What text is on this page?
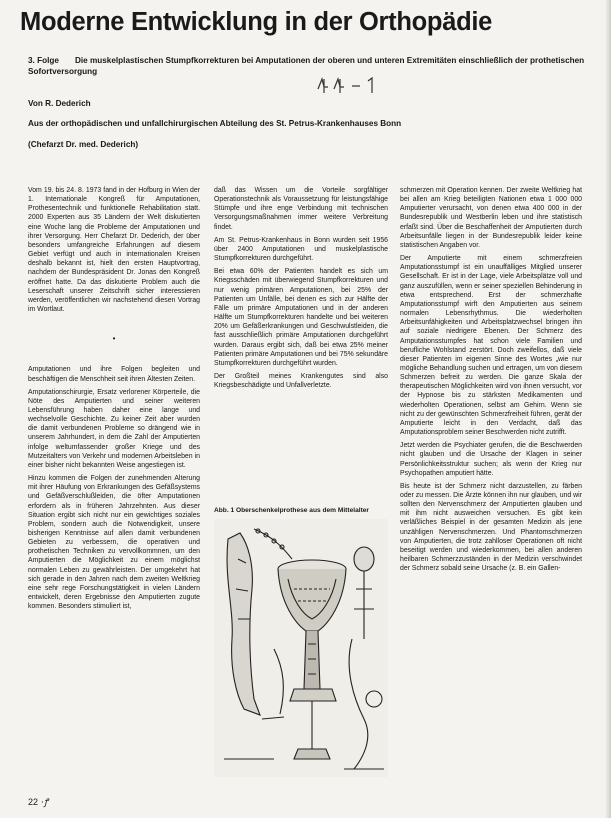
Moderne Entwicklung in der Orthopädie
3. Folge Die muskelplastischen Stumpfkorrekturen bei Amputationen der oberen und unteren Extremitäten einschließlich der prothetischen Sofortversorgung
Von R. Dederich
Aus der orthopädischen und unfallchirurgischen Abteilung des St. Petrus-Krankenhauses Bonn
(Chefarzt Dr. med. Dederich)

Vom 19. bis 24. 8. 1973 fand in der Hofburg in Wien der 1. Internationale Kongreß für Amputationen, Prothesentechnik und funktionelle Rehabilitation statt. 2000 Experten aus 35 Ländern der Welt diskutierten eine Woche lang die Probleme der Amputationen und ihrer Versorgung. Herr Chefarzt Dr. Dederich, der über besonders umfangreiche Erfahrungen auf diesem Gebiet verfügt und auch in internationalen Kreisen deshalb bekannt ist, hielt den ersten Hauptvortrag, nachdem der Bundespräsident Dr. Jonas den Kongreß eröffnet hatte. Da das diskutierte Problem auch die Leserschaft unserer Zeitschrift sicher interessieren werden, veröffentlichen wir nachstehend diesen Vortrag im Wortlaut.

•

Amputationen und ihre Folgen begleiten und beschäftigen die Menschheit seit ihren Ältesten Zeiten.

Amputationschirurgie, Ersatz verlorener Körperteile, die Nöte des Amputierten und seiner weiteren Lebensführung haben daher eine lange und wechselvolle Geschichte. Zu keiner Zeit aber wurden die damit verbundenen Probleme so drängend wie in unserem Jahrhundert, in dem die Zahl der Amputierten infolge weltumfassender großer Kriege und des Mutzeitalters von Verkehr und modernen Arbeitsleben in einer bisher nicht bekannten Weise angestiegen ist.

Hinzu kommen die Folgen der zunehmenden Alterung mit ihrer Häufung von Erkrankungen des Gefäßsystems und Gefäßverschlußleiden, die öfter Amputationen erfordern als in früheren Jahrzehnten. Aus dieser Situation ergibt sich nicht nur ein gewichtiges soziales Problem, sondern auch die Notwendigkeit, unsere bisherigen Kenntnisse auf allen damit verbundenen Gebieten zu verbessern, die operativen und prothetischen Techniken zu vervollkommnen, um den Amputierten die Möglichkeit zu einem möglichst normalen Leben zu gewährleisten. Der umgekehrt hat sich gerade in den Jahren nach dem zweiten Weltkrieg eine sehr rege Forschungstätigkeit in vielen Ländern entwickelt, deren Ergebnisse den Amputierten zugute kommen. Besonders stimuliert ist,

daß das Wissen um die Vorteile sorgfältiger Operationstechnik als Voraussetzung für leistungsfähige Stümpfe und ihre enge Verbindung mit technischen Versorgungsmaßnahmen immer weitere Verbreitung findet.

Am St. Petrus-Krankenhaus in Bonn wurden seit 1956 über 2400 Amputationen und muskelplastische Stumpfkorrekturen durchgeführt.

Bei etwa 60% der Patienten handelt es sich um Kriegsschäden mit überwiegend Stumpfkorrekturen und nur wenig primären Amputationen, bei 25% der Patienten um Unfälle, bei denen es sich zur Hälfte der Fälle um primäre Amputationen und in der anderen Hälfte um Stumpfkorrekturen handelte und bei weiteren 20% um Gefäßerkrankungen und Geschwulstleiden, die fast ausschließlich primäre Amputationen durchgeführt wurden. Daraus ergibt sich, daß bei etwa 25% meiner Patienten primäre Amputationen und bei 75% sekundäre Stumpfkorrekturen durchgeführt wurden.

Der Großteil meines Krankengutes sind also Kriegsbeschädigte und Unfallverletzte.

Abb. 1 Oberschenkelprothese aus dem Mittelalter

schmerzen mit Operation kennen. Der zweite Weltkrieg hat bei allen am Krieg beteiligten Nationen etwa 1 000 000 Amputierter verursacht, von denen etwa 400 000 in der Bundesrepublik und Westberlin leben und ihre statistisch erfaßt sind. Über die Beschaffenheit der Amputierten durch Arbeitsunfälle liegen in der Bundesrepublik leider keine statistischen Angaben vor.

Der Amputierte mit einem schmerzfreien Amputationsstumpf ist ein unauffälliges Mitglied unserer Gesellschaft. Er ist in der Lage, viele Arbeitsplätze voll und ganz auszufüllen, wenn er seiner speziellen Behinderung in etwa entsprechend. Erst der schmerzhafte Amputationsstumpf wirft den Amputierten aus seinem normalen Lebensrhythmus. Die wiederholten Arbeitsunfähigkeiten und Arbeitsplatzwechsel bringen ihn auf soziale niedrigere Ebenen. Der Schmerz des Amputationsstumpfes hat schon viele Familien und berufliche Wohlstand zerstört. Doch zweifellos, daß viele dieser Patienten im eigenen Sinne des Wortes „wie nur mögliche Behandlung suchen und ertragen, um von diesem Schmerzen befreit zu werden. Die ganze Skala der therapeutischen Möglichkeiten wird von ihnen versucht, vor der Hypnose bis zu stärksten Medikamenten und wiederholten Operationen, selbst am Gehirn. Wenn sie nicht zu der gewünschten Schmerzfreiheit führen, gerät der Amputierte leicht in den Verdacht, daß das Amputationsproblem seiner Beschwerden nicht zutrifft.

Jetzt werden die Psychiater gerufen, die die Beschwerden nicht glauben und die Ursache der Klagen in seiner Persönlichkeitsstruktur suchen; als wenn der Krieg nur Psychopathen amputiert hätte.

Bis heute ist der Schmerz nicht darzustellen, zu färben oder zu messen. Die Ärzte können ihn nur glauben, und wir sollten den Nervenschmerz der Amputierten glauben und mit ihm nicht ausweichen versuchen. Es gibt kein verläßliches Beispiel in der gesamten Medizin als jene unzähligen Nervenschmerzen. Und Phantomschmerzen von Amputierten, die trotz zahlloser Operationen oft nicht beseitigt werden und wiederkommen, bei allen anderen heilbaren Schmerzzuständen in der Medizin verschwindet der Schmerz sobald seine Ursache (z. B. ein Gallen-

22 ·ꝭ
